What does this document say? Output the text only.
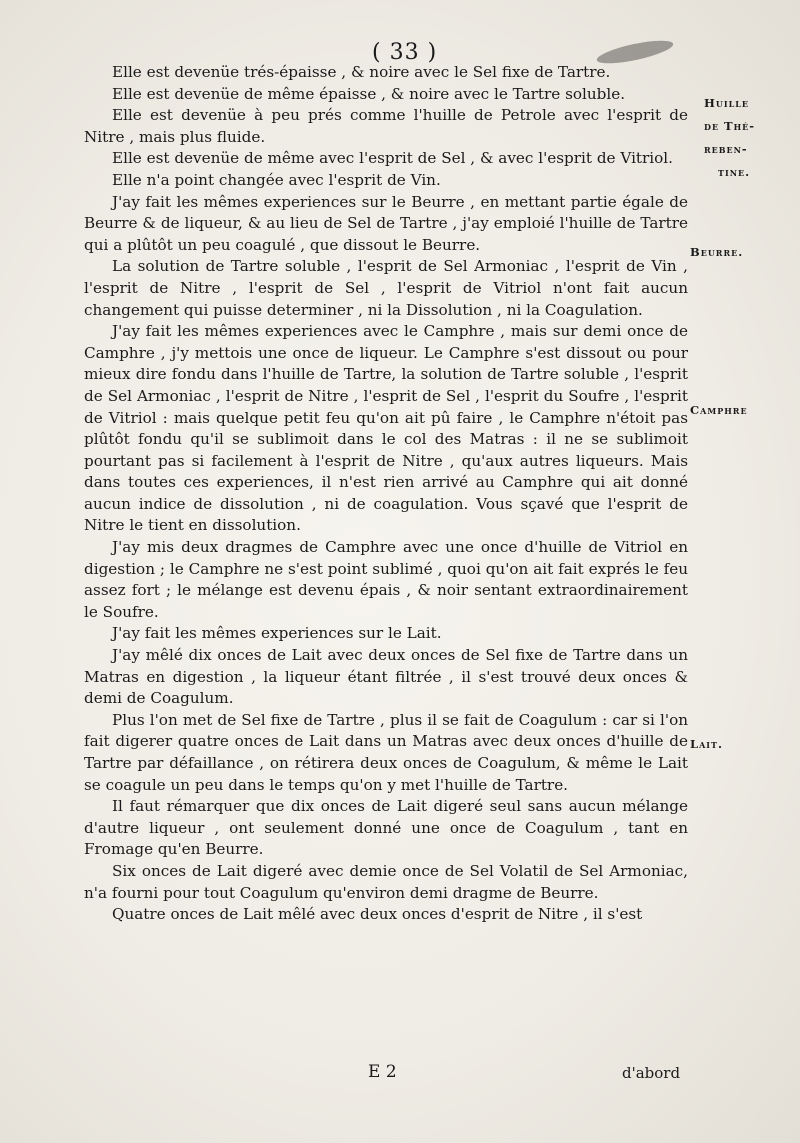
( 33 )

Elle est devenüe trés-épaisse , & noire avec le Sel fixe de Tartre.

Elle est devenüe de même épaisse , & noire avec le Tartre soluble.

Elle est devenüe à peu prés comme l'huille de Petrole avec l'esprit de Nitre , mais plus fluide.

Elle est devenüe de même avec l'esprit de Sel , & avec l'esprit de Vitriol.

Elle n'a point changée avec l'esprit de Vin.

J'ay fait les mêmes experiences sur le Beurre , en mettant partie égale de Beurre & de liqueur, & au lieu de Sel de Tartre , j'ay emploié l'huille de Tartre qui a plûtôt un peu coagulé , que dissout le Beurre.

La solution de Tartre soluble , l'esprit de Sel Armoniac , l'esprit de Vin , l'esprit de Nitre , l'esprit de Sel , l'esprit de Vitriol n'ont fait aucun changement qui puisse determiner , ni la Dissolution , ni la Coagulation.

J'ay fait les mêmes experiences avec le Camphre , mais sur demi once de Camphre , j'y mettois une once de liqueur. Le Camphre s'est dissout ou pour mieux dire fondu dans l'huille de Tartre, la solution de Tartre soluble , l'esprit de Sel Armoniac , l'esprit de Nitre , l'esprit de Sel , l'esprit du Soufre , l'esprit de Vitriol : mais quelque petit feu qu'on ait pû faire , le Camphre n'étoit pas plûtôt fondu qu'il se sublimoit dans le col des Matras : il ne se sublimoit pourtant pas si facilement à l'esprit de Nitre , qu'aux autres liqueurs. Mais dans toutes ces experiences, il n'est rien arrivé au Camphre qui ait donné aucun indice de dissolution , ni de coagulation. Vous sçavé que l'esprit de Nitre le tient en dissolution.

J'ay mis deux dragmes de Camphre avec une once d'huille de Vitriol en digestion ; le Camphre ne s'est point sublimé , quoi qu'on ait fait exprés le feu assez fort ; le mélange est devenu épais , & noir sentant extraordinairement le Soufre.

J'ay fait les mêmes experiences sur le Lait.

J'ay mêlé dix onces de Lait avec deux onces de Sel fixe de Tartre dans un Matras en digestion , la liqueur étant filtrée , il s'est trouvé deux onces & demi de Coagulum.

Plus l'on met de Sel fixe de Tartre , plus il se fait de Coagulum : car si l'on fait digerer quatre onces de Lait dans un Matras avec deux onces d'huille de Tartre par défaillance , on rétirera deux onces de Coagulum, & même le Lait se coagule un peu dans le temps qu'on y met l'huille de Tartre.

Il faut rémarquer que dix onces de Lait digeré seul sans aucun mélange d'autre liqueur , ont seulement donné une once de Coagulum , tant en Fromage qu'en Beurre.

Six onces de Lait digeré avec demie once de Sel Volatil de Sel Armoniac, n'a fourni pour tout Coagulum qu'environ demi dragme de Beurre.

Quatre onces de Lait mêlé avec deux onces d'esprit de Nitre , il s'est

Huille
de Thé-
reben-
tine.
Beurre.
Camphre
Lait.
E 2	d'abord
